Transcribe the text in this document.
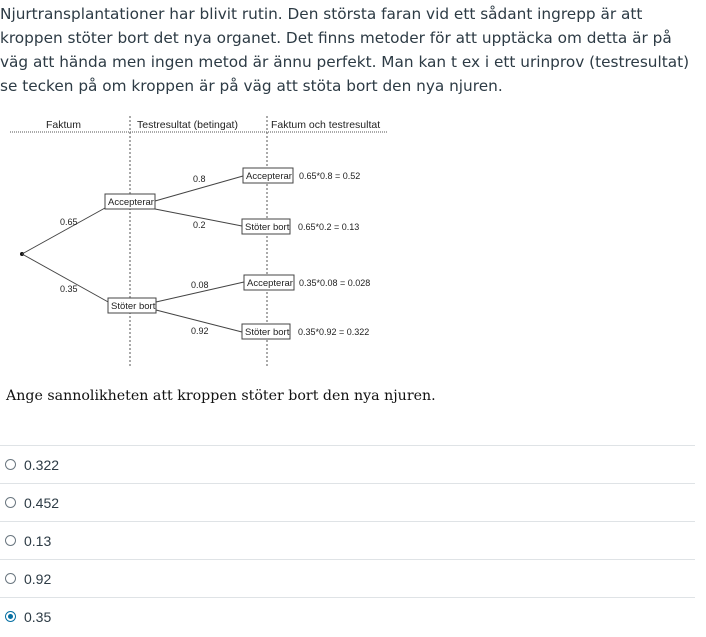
Njurtransplantationer har blivit rutin. Den största faran vid ett sådant ingrepp är att kroppen stöter bort det nya organet. Det finns metoder för att upptäcka om detta är på väg att hända men ingen metod är ännu perfekt. Man kan t ex i ett urinprov (testresultat) se tecken på om kroppen är på väg att stöta bort den nya njuren.
Faktum	Testresultat (betingat)	Faktum och testresultat
0.65
0.35
Accepterar
Stöter bort
0.8
0.2
0.08
0.92
Accepterar
Stöter bort
Accepterar
Stöter bort
0.65*0.8 = 0.52
0.65*0.2 = 0.13
0.35*0.08 = 0.028
0.35*0.92 = 0.322
Ange sannolikheten att kroppen stöter bort den nya njuren.
0.322
0.452
0.13
0.92
0.35
